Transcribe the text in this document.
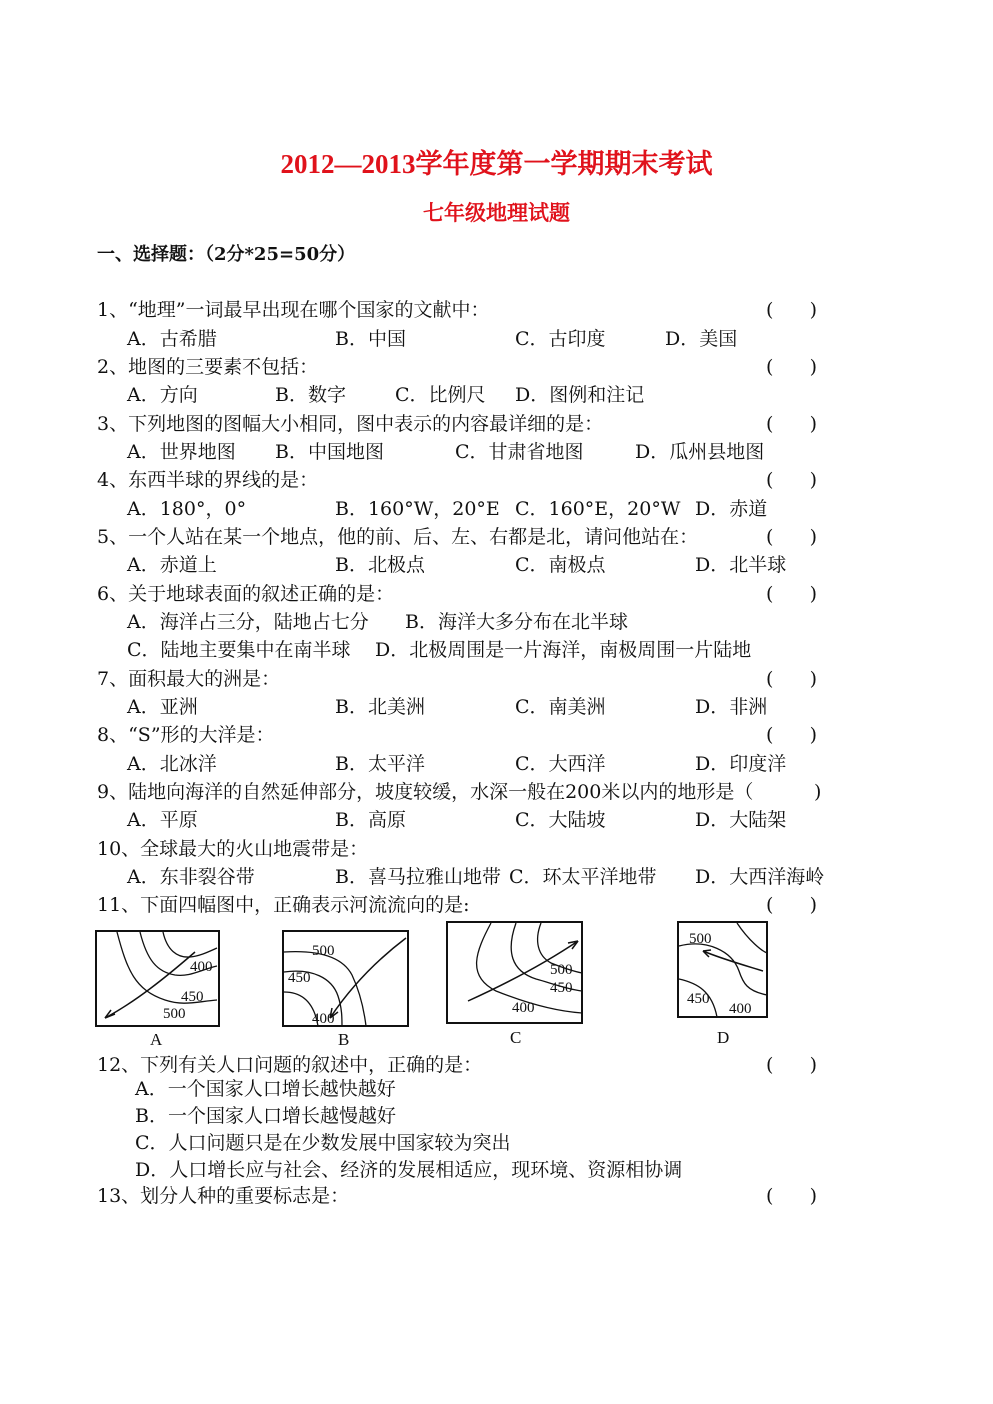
2012—2013学年度第一学期期末考试
七年级地理试题
一、选择题：（2分*25=50分）
1、“地理”一词最早出现在哪个国家的文献中：	(      )
A．古希腊	B．中国	C．古印度	D．美国
2、地图的三要素不包括：	(      )
A．方向	B．数字	C．比例尺 D．图例和注记
3、下列地图的图幅大小相同，图中表示的内容最详细的是：	(      )
A．世界地图 B．中国地图	C．甘肃省地图	D．瓜州县地图
4、东西半球的界线的是：	(      )
A．180°，0°	B．160°W，20°E C．160°E，20°W D．赤道
5、一个人站在某一个地点，他的前、后、左、右都是北，请问他站在：	(      )
A．赤道上	B．北极点	C．南极点	D．北半球
6、关于地球表面的叙述正确的是：	(      )
A．海洋占三分，陆地占七分 B．海洋大多分布在北半球
C．陆地主要集中在南半球 D．北极周围是一片海洋，南极周围一片陆地
7、面积最大的洲是：	(      )
A．亚洲	B．北美洲	C．南美洲	D．非洲
8、“S”形的大洋是：	(      )
A．北冰洋	B．太平洋	C．大西洋	D．印度洋
9、陆地向海洋的自然延伸部分，坡度较缓，水深一般在200米以内的地形是（	)
A．平原	B．高原	C．大陆坡	D．大陆架
10、全球最大的火山地震带是：
A．东非裂谷带	B．喜马拉雅山地带 C．环太平洋地带 D．大西洋海岭
11、下面四幅图中，正确表示河流流向的是:	(      )
400
450
500
A
500
450
400
B
500
450
400
C
500
450
400
D
12、下列有关人口问题的叙述中，正确的是：	(      )
A．一个国家人口增长越快越好
B．一个国家人口增长越慢越好
C．人口问题只是在少数发展中国家较为突出
D．人口增长应与社会、经济的发展相适应，现环境、资源相协调
13、划分人种的重要标志是：	(      )
